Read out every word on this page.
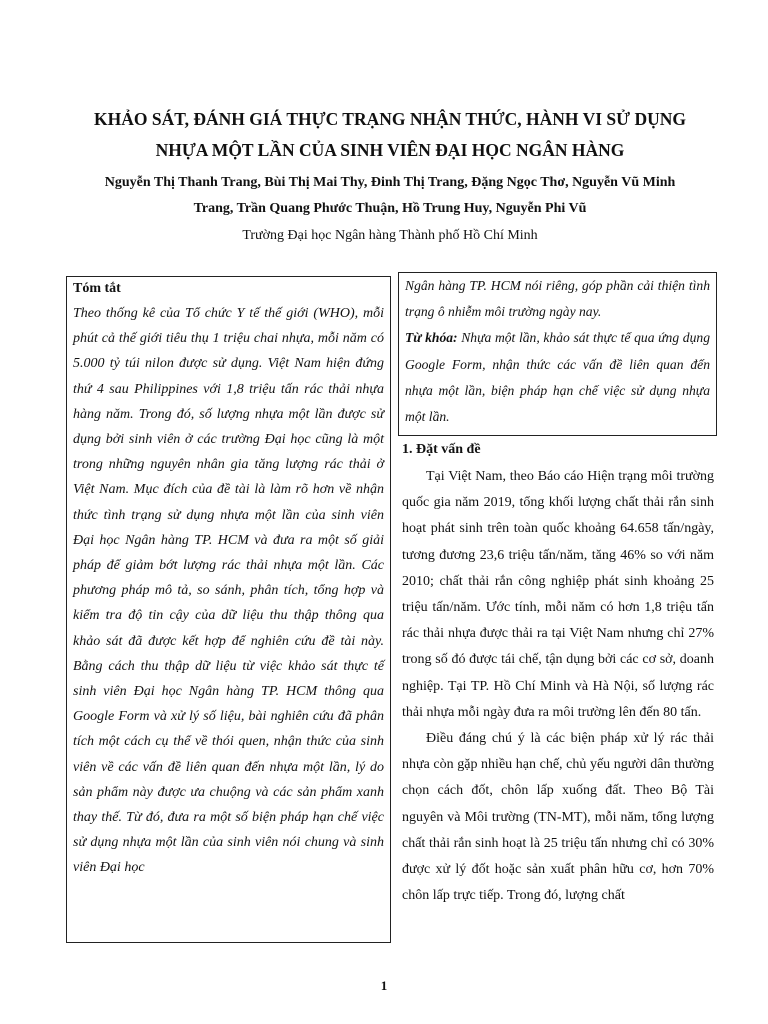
KHẢO SÁT, ĐÁNH GIÁ THỰC TRẠNG NHẬN THỨC, HÀNH VI SỬ DỤNG
NHỰA MỘT LẦN CỦA SINH VIÊN ĐẠI HỌC NGÂN HÀNG
Nguyễn Thị Thanh Trang, Bùi Thị Mai Thy, Đinh Thị Trang, Đặng Ngọc Thơ, Nguyễn Vũ Minh
Trang, Trần Quang Phước Thuận, Hồ Trung Huy, Nguyễn Phi Vũ
Trường Đại học Ngân hàng Thành phố Hồ Chí Minh
Tóm tắt

Theo thống kê của Tổ chức Y tế thế giới (WHO), mỗi phút cả thế giới tiêu thụ 1 triệu chai nhựa, mỗi năm có 5.000 tỷ túi nilon được sử dụng. Việt Nam hiện đứng thứ 4 sau Philippines với 1,8 triệu tấn rác thải nhựa hàng năm. Trong đó, số lượng nhựa một lần được sử dụng bởi sinh viên ở các trường Đại học cũng là một trong những nguyên nhân gia tăng lượng rác thải ở Việt Nam. Mục đích của đề tài là làm rõ hơn về nhận thức tình trạng sử dụng nhựa một lần của sinh viên Đại học Ngân hàng TP. HCM và đưa ra một số giải pháp để giảm bớt lượng rác thải nhựa một lần. Các phương pháp mô tả, so sánh, phân tích, tổng hợp và kiểm tra độ tin cậy của dữ liệu thu thập thông qua khảo sát đã được kết hợp để nghiên cứu đề tài này. Bằng cách thu thập dữ liệu từ việc khảo sát thực tế sinh viên Đại học Ngân hàng TP. HCM thông qua Google Form và xử lý số liệu, bài nghiên cứu đã phân tích một cách cụ thể về thói quen, nhận thức của sinh viên về các vấn đề liên quan đến nhựa một lần, lý do sản phẩm này được ưa chuộng và các sản phẩm xanh thay thế. Từ đó, đưa ra một số biện pháp hạn chế việc sử dụng nhựa một lần của sinh viên nói chung và sinh viên Đại học

Ngân hàng TP. HCM nói riêng, góp phần cải thiện tình trạng ô nhiễm môi trường ngày nay.

Từ khóa: Nhựa một lần, khảo sát thực tế qua ứng dụng Google Form, nhận thức các vấn đề liên quan đến nhựa một lần, biện pháp hạn chế việc sử dụng nhựa một lần.

1. Đặt vấn đề

Tại Việt Nam, theo Báo cáo Hiện trạng môi trường quốc gia năm 2019, tổng khối lượng chất thải rắn sinh hoạt phát sinh trên toàn quốc khoảng 64.658 tấn/ngày, tương đương 23,6 triệu tấn/năm, tăng 46% so với năm 2010; chất thải rắn công nghiệp phát sinh khoảng 25 triệu tấn/năm. Ước tính, mỗi năm có hơn 1,8 triệu tấn rác thải nhựa được thải ra tại Việt Nam nhưng chỉ 27% trong số đó được tái chế, tận dụng bởi các cơ sở, doanh nghiệp. Tại TP. Hồ Chí Minh và Hà Nội, số lượng rác thải nhựa mỗi ngày đưa ra môi trường lên đến 80 tấn.

Điều đáng chú ý là các biện pháp xử lý rác thải nhựa còn gặp nhiều hạn chế, chủ yếu người dân thường chọn cách đốt, chôn lấp xuống đất. Theo Bộ Tài nguyên và Môi trường (TN-MT), mỗi năm, tổng lượng chất thải rắn sinh hoạt là 25 triệu tấn nhưng chỉ có 30% được xử lý đốt hoặc sản xuất phân hữu cơ, hơn 70% chôn lấp trực tiếp. Trong đó, lượng chất

1
